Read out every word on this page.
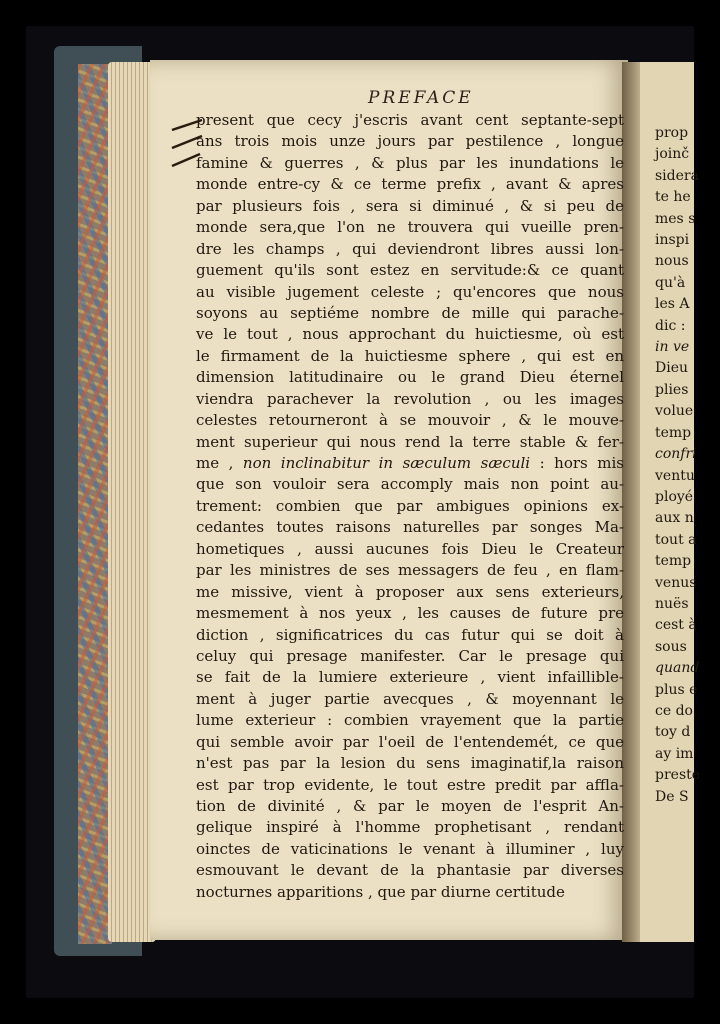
PREFACE
present que cecy j'escris avant cent septante-sept
ans trois mois unze jours par pestilence , longue
famine & guerres , & plus par les inundations le
monde entre-cy & ce terme prefix , avant & apres
par plusieurs fois , sera si diminué , & si peu de
monde sera,que l'on ne trouvera qui vueille pren-
dre les champs , qui deviendront libres aussi lon-
guement qu'ils sont estez en servitude:& ce quant
au visible jugement celeste ; qu'encores que nous
soyons au septiéme nombre de mille qui parache-
ve le tout , nous approchant du huictiesme, où est
le firmament de la huictiesme sphere , qui est en
dimension latitudinaire ou le grand Dieu éternel
viendra parachever la revolution , ou les images
celestes retourneront à se mouvoir , & le mouve-
ment superieur qui nous rend la terre stable & fer-
me , non inclinabitur in sæculum sæculi : hors mis
que son vouloir sera accomply mais non point au-
trement: combien que par ambigues opinions ex-
cedantes toutes raisons naturelles par songes Ma-
hometiques , aussi aucunes fois Dieu le Createur
par les ministres de ses messagers de feu , en flam-
me missive, vient à proposer aux sens exterieurs,
mesmement à nos yeux , les causes de future pre
diction , significatrices du cas futur qui se doit à
celuy qui presage manifester. Car le presage qui
se fait de la lumiere exterieure , vient infaillible-
ment à juger partie avecques , & moyennant le
lume exterieur : combien vrayement que la partie
qui semble avoir par l'oeil de l'entendemét, ce que
n'est pas par la lesion du sens imaginatif,la raison
est par trop evidente, le tout estre predit par affla-
tion de divinité , & par le moyen de l'esprit An-
gelique inspiré à l'homme prophetisant , rendant
oinctes de vaticinations le venant à illuminer , luy
esmouvant le devant de la phantasie par diverses
nocturnes apparitions , que par diurne certitude
prop
joinč
sidera
te he
mes s
inspi
nous
qu'à
les A
dic :
in ve
Dieu
plies
volue
temp
confri
ventu
ployé
aux n
tout a
temp
venus
nuës
cest à
sous
quand
plus e
ce do
toy d
ay im
preste
De S
